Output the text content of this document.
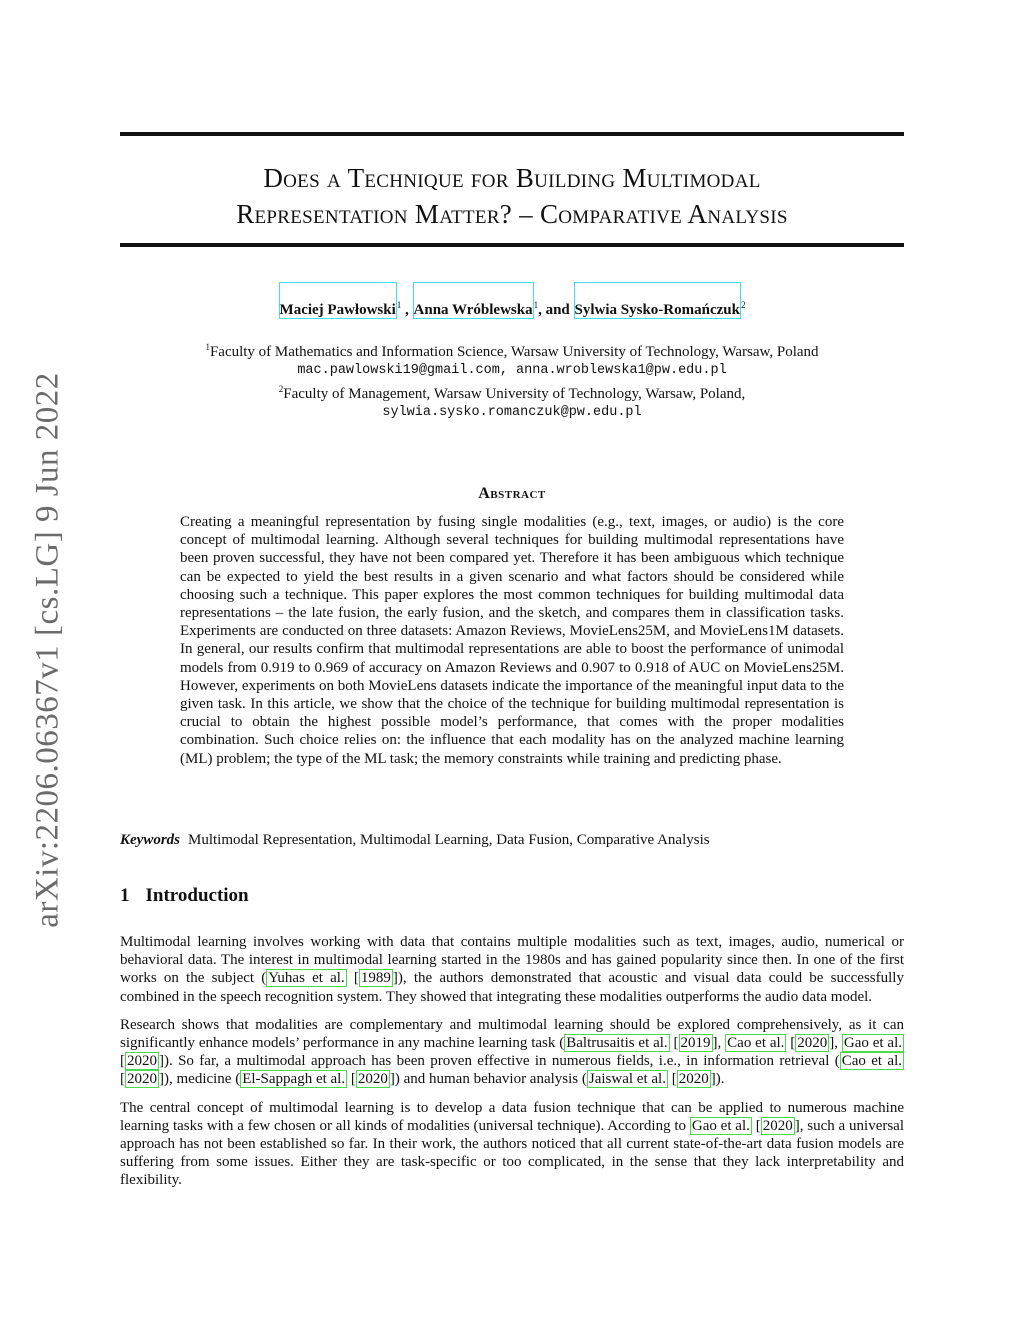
arXiv:2206.06367v1 [cs.LG] 9 Jun 2022
Does a Technique for Building Multimodal
Representation Matter? – Comparative Analysis
Maciej Pawłowski$^1$ , Anna Wróblewska$^1$, and Sylwia Sysko-Romańczuk$^2$
$^1$Faculty of Mathematics and Information Science, Warsaw University of Technology, Warsaw, Poland
mac.pawlowski19@gmail.com, anna.wroblewska1@pw.edu.pl
$^2$Faculty of Management, Warsaw University of Technology, Warsaw, Poland,
sylwia.sysko.romanczuk@pw.edu.pl
Abstract
Creating a meaningful representation by fusing single modalities (e.g., text, images, or audio) is the core concept of multimodal learning. Although several techniques for building multimodal representations have been proven successful, they have not been compared yet. Therefore it has been ambiguous which technique can be expected to yield the best results in a given scenario and what factors should be considered while choosing such a technique. This paper explores the most common techniques for building multimodal data representations – the late fusion, the early fusion, and the sketch, and compares them in classification tasks. Experiments are conducted on three datasets: Amazon Reviews, MovieLens25M, and MovieLens1M datasets. In general, our results confirm that multimodal representations are able to boost the performance of unimodal models from 0.919 to 0.969 of accuracy on Amazon Reviews and 0.907 to 0.918 of AUC on MovieLens25M. However, experiments on both MovieLens datasets indicate the importance of the meaningful input data to the given task. In this article, we show that the choice of the technique for building multimodal representation is crucial to obtain the highest possible model’s performance, that comes with the proper modalities combination. Such choice relies on: the influence that each modality has on the analyzed machine learning (ML) problem; the type of the ML task; the memory constraints while training and predicting phase.
Keywords Multimodal Representation, Multimodal Learning, Data Fusion, Comparative Analysis
1 Introduction

Multimodal learning involves working with data that contains multiple modalities such as text, images, audio, numerical or behavioral data. The interest in multimodal learning started in the 1980s and has gained popularity since then. In one of the first works on the subject ( Yuhas et al. [ 1989 ]), the authors demonstrated that acoustic and visual data could be successfully combined in the speech recognition system. They showed that integrating these modalities outperforms the audio data model.

Research shows that modalities are complementary and multimodal learning should be explored comprehensively, as it can significantly enhance models’ performance in any machine learning task ( Baltrusaitis et al. [ 2019 ], Cao et al. [ 2020 ], Gao et al. [ 2020 ]). So far, a multimodal approach has been proven effective in numerous fields, i.e., in information retrieval ( Cao et al. [ 2020 ]), medicine ( El-Sappagh et al. [ 2020 ]) and human behavior analysis ( Jaiswal et al. [ 2020 ]).

The central concept of multimodal learning is to develop a data fusion technique that can be applied to numerous machine learning tasks with a few chosen or all kinds of modalities (universal technique). According to Gao et al. [ 2020 ], such a universal approach has not been established so far. In their work, the authors noticed that all current state-of-the-art data fusion models are suffering from some issues. Either they are task-specific or too complicated, in the sense that they lack interpretability and flexibility.
